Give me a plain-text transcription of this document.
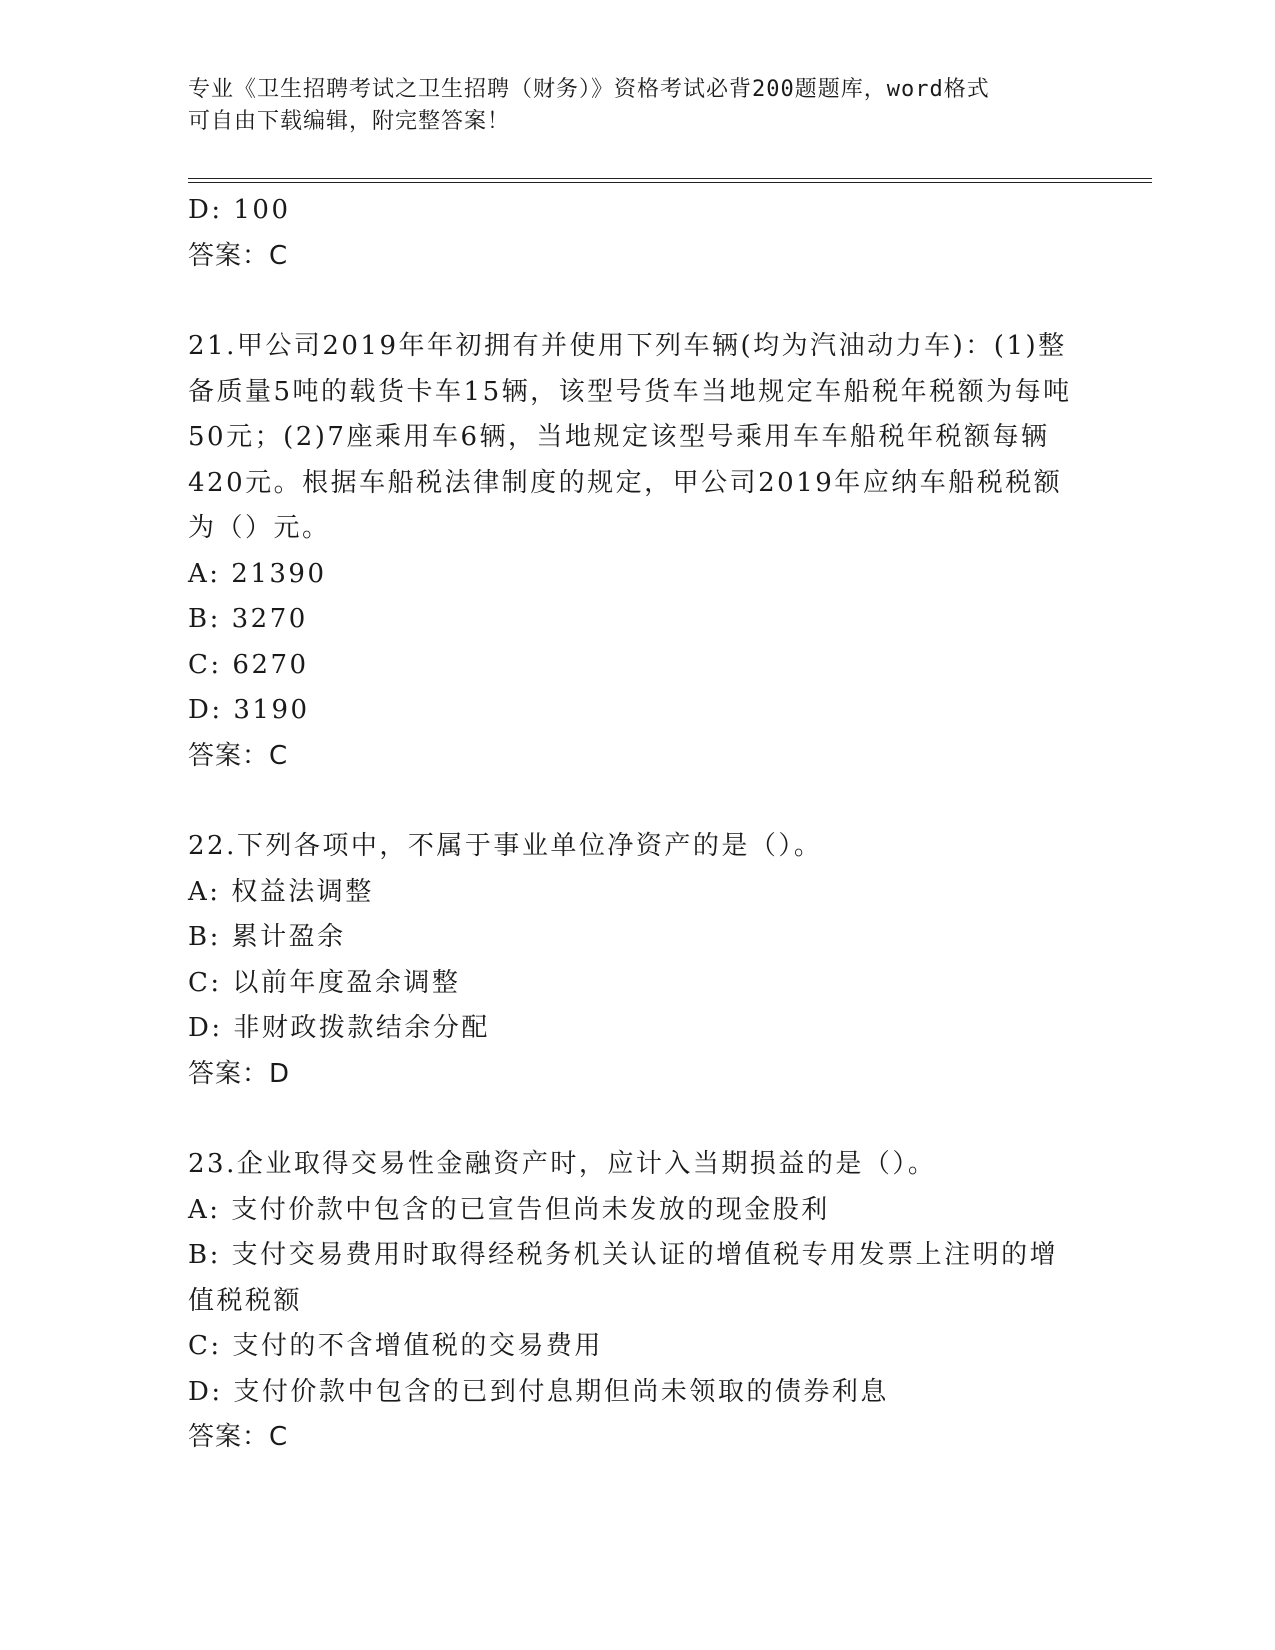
专业《卫生招聘考试之卫生招聘（财务）》资格考试必背200题题库，word格式
可自由下载编辑，附完整答案！
D: 100
答案：C
21.甲公司2019年年初拥有并使用下列车辆(均为汽油动力车)：(1)整备质量5吨的载货卡车15辆，该型号货车当地规定车船税年税额为每吨50元；(2)7座乘用车6辆，当地规定该型号乘用车车船税年税额每辆420元。根据车船税法律制度的规定，甲公司2019年应纳车船税税额为（）元。
A: 21390
B: 3270
C: 6270
D: 3190
答案：C
22.下列各项中，不属于事业单位净资产的是（）。
A: 权益法调整
B: 累计盈余
C: 以前年度盈余调整
D: 非财政拨款结余分配
答案：D
23.企业取得交易性金融资产时，应计入当期损益的是（）。
A: 支付价款中包含的已宣告但尚未发放的现金股利
B: 支付交易费用时取得经税务机关认证的增值税专用发票上注明的增值税税额
C: 支付的不含增值税的交易费用
D: 支付价款中包含的已到付息期但尚未领取的债券利息
答案：C
